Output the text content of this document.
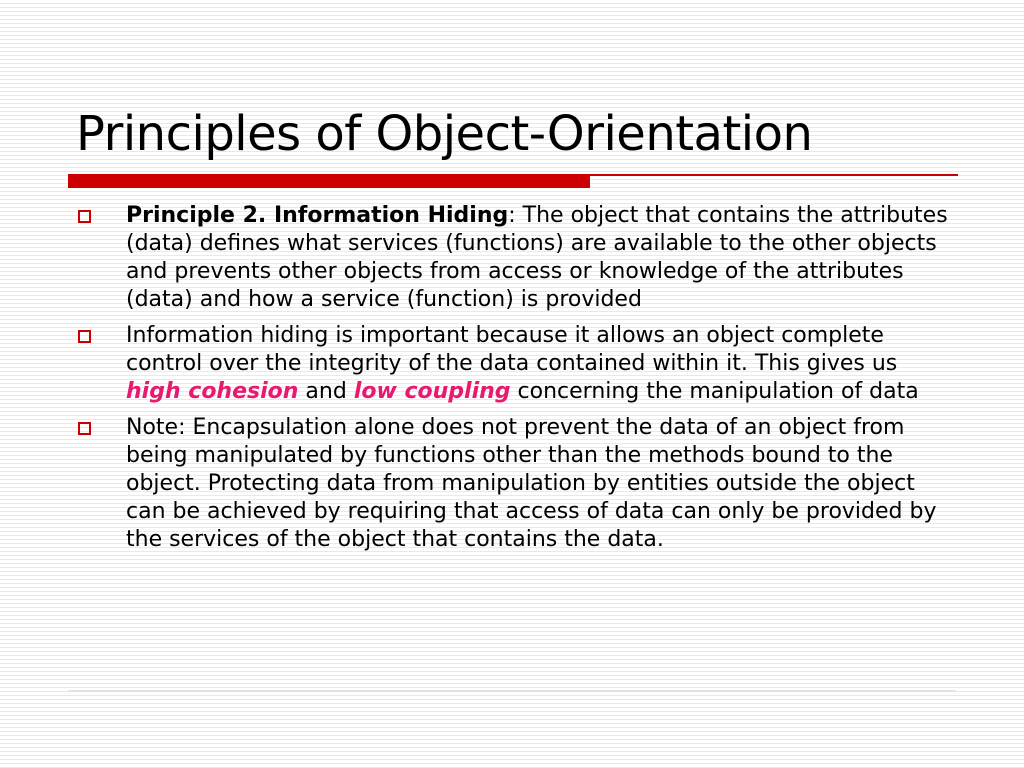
Principles of Object-Orientation
Principle 2. Information Hiding: The object that contains the attributes (data) defines what services (functions) are available to the other objects and prevents other objects from access or knowledge of the attributes (data) and how a service (function) is provided
Information hiding is important because it allows an object complete control over the integrity of the data contained within it. This gives us high cohesion and low coupling concerning the manipulation of data
Note: Encapsulation alone does not prevent the data of an object from being manipulated by functions other than the methods bound to the object. Protecting data from manipulation by entities outside the object can be achieved by requiring that access of data can only be provided by the services of the object that contains the data.
